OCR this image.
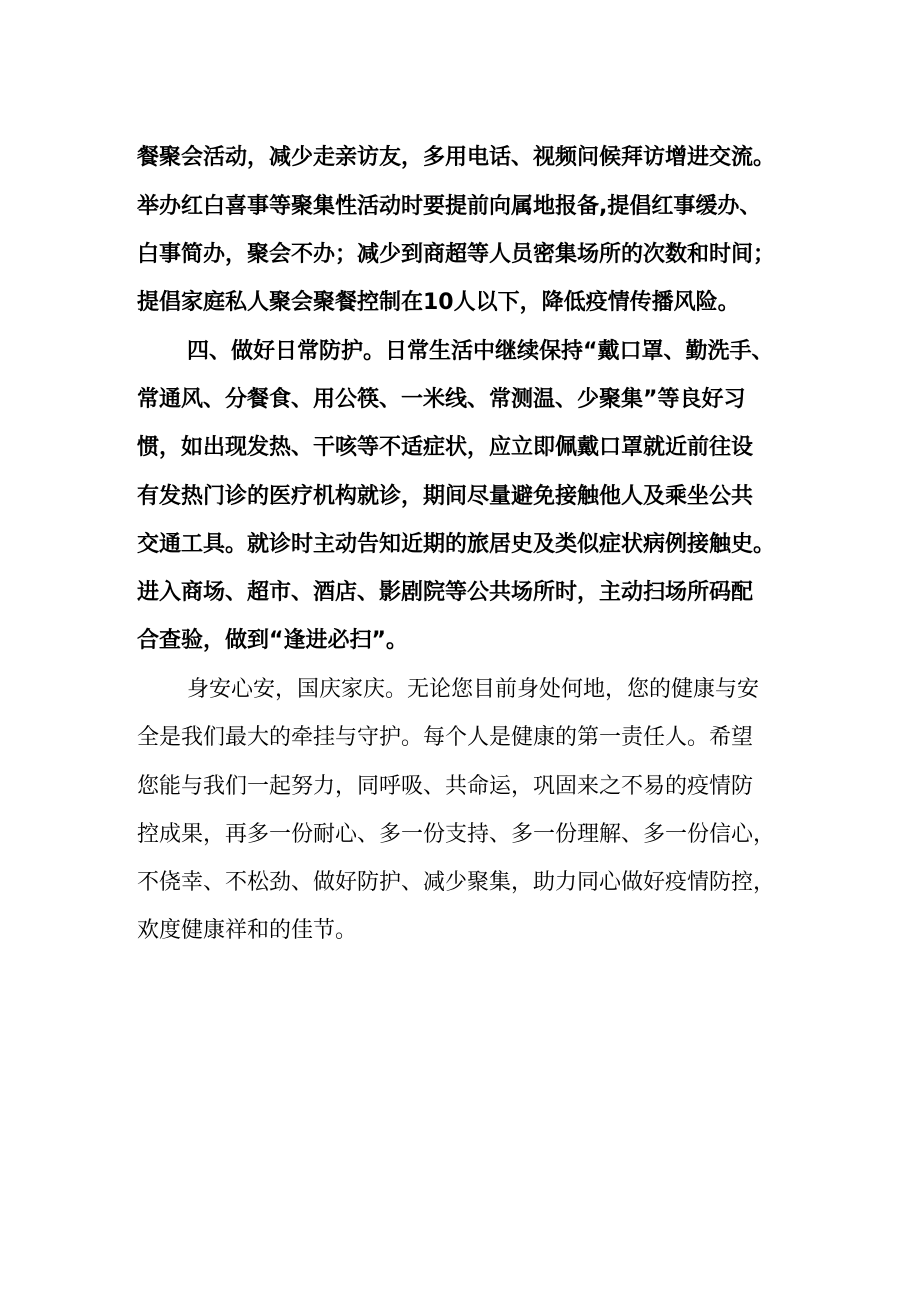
餐聚会活动，减少走亲访友，多用电话、视频问候拜访增进交流。

举办红白喜事等聚集性活动时要提前向属地报备,提倡红事缓办、

白事简办，聚会不办；减少到商超等人员密集场所的次数和时间；

提倡家庭私人聚会聚餐控制在10人以下，降低疫情传播风险。

四、做好日常防护。日常生活中继续保持“戴口罩、勤洗手、

常通风、分餐食、用公筷、一米线、常测温、少聚集”等良好习

惯，如出现发热、干咳等不适症状，应立即佩戴口罩就近前往设

有发热门诊的医疗机构就诊，期间尽量避免接触他人及乘坐公共

交通工具。就诊时主动告知近期的旅居史及类似症状病例接触史。

进入商场、超市、酒店、影剧院等公共场所时，主动扫场所码配

合查验，做到“逢进必扫”。

身安心安，国庆家庆。无论您目前身处何地，您的健康与安

全是我们最大的牵挂与守护。每个人是健康的第一责任人。希望

您能与我们一起努力，同呼吸、共命运，巩固来之不易的疫情防

控成果，再多一份耐心、多一份支持、多一份理解、多一份信心，

不侥幸、不松劲、做好防护、减少聚集，助力同心做好疫情防控，

欢度健康祥和的佳节。
